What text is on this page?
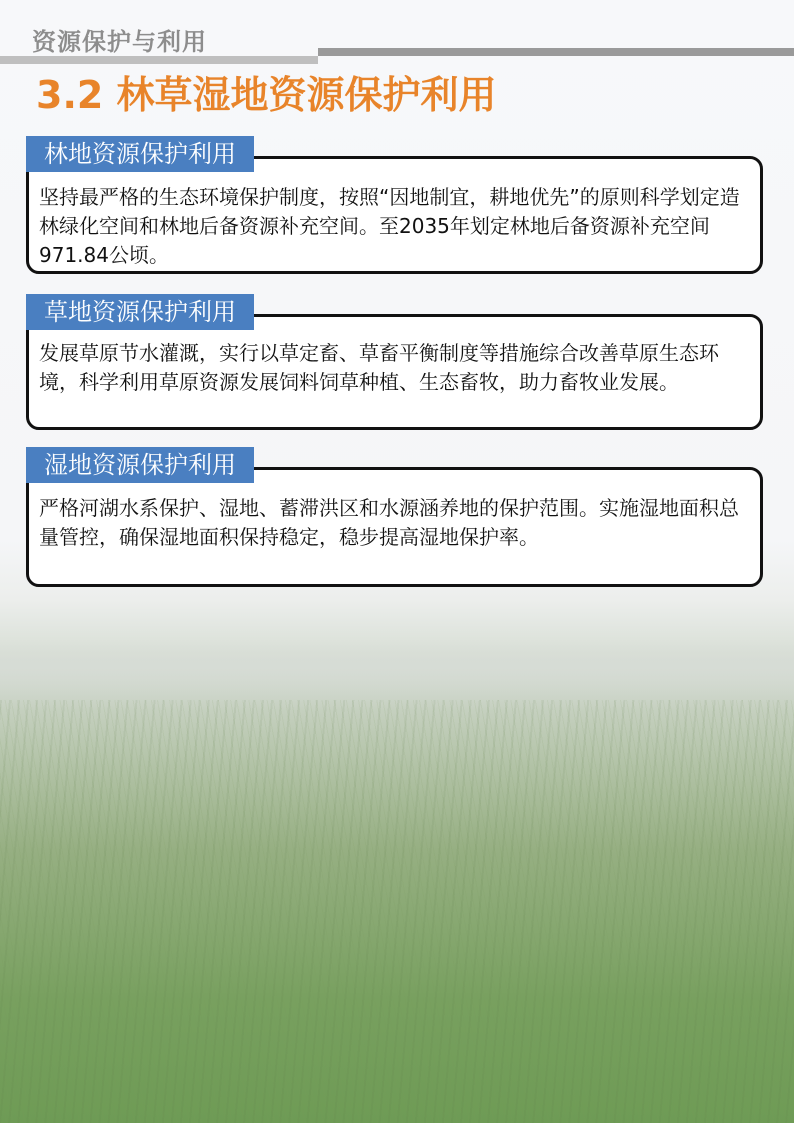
资源保护与利用
3.2 林草湿地资源保护利用
林地资源保护利用
坚持最严格的生态环境保护制度，按照“因地制宜，耕地优先”的原则科学划定造林绿化空间和林地后备资源补充空间。至2035年划定林地后备资源补充空间971.84公顷。
草地资源保护利用
发展草原节水灌溉，实行以草定畜、草畜平衡制度等措施综合改善草原生态环境，科学利用草原资源发展饲料饲草种植、生态畜牧，助力畜牧业发展。
湿地资源保护利用
严格河湖水系保护、湿地、蓄滞洪区和水源涵养地的保护范围。实施湿地面积总量管控，确保湿地面积保持稳定，稳步提高湿地保护率。
